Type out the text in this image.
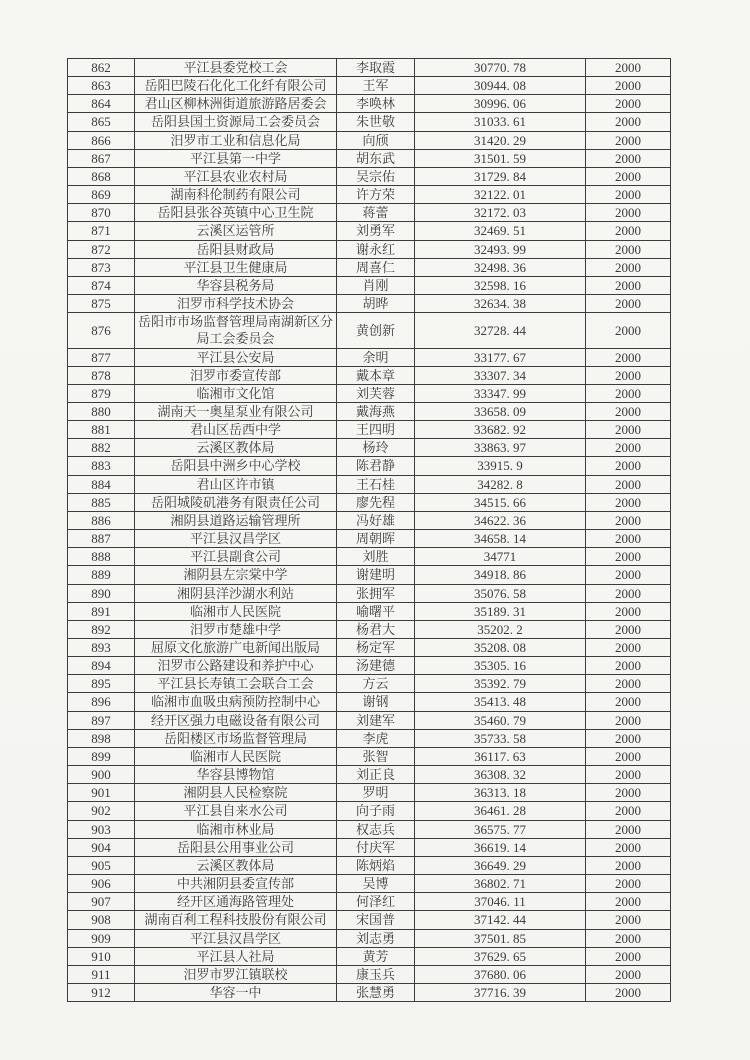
862	平江县委党校工会	李取霞	30770. 78	2000
863	岳阳巴陵石化化工化纤有限公司	王军	30944. 08	2000
864	君山区柳林洲街道旅游路居委会	李唤林	30996. 06	2000
865	岳阳县国土资源局工会委员会	朱世敬	31033. 61	2000
866	汨罗市工业和信息化局	向颀	31420. 29	2000
867	平江县第一中学	胡东武	31501. 59	2000
868	平江县农业农村局	吴宗佑	31729. 84	2000
869	湖南科伦制药有限公司	许方荣	32122. 01	2000
870	岳阳县张谷英镇中心卫生院	蒋蕾	32172. 03	2000
871	云溪区运管所	刘勇军	32469. 51	2000
872	岳阳县财政局	谢永红	32493. 99	2000
873	平江县卫生健康局	周喜仁	32498. 36	2000
874	华容县税务局	肖刚	32598. 16	2000
875	汨罗市科学技术协会	胡晔	32634. 38	2000
876	岳阳市市场监督管理局南湖新区分局工会委员会	黄创新	32728. 44	2000
877	平江县公安局	余明	33177. 67	2000
878	汨罗市委宣传部	戴本章	33307. 34	2000
879	临湘市文化馆	刘芙蓉	33347. 99	2000
880	湖南天一奥星泵业有限公司	戴海燕	33658. 09	2000
881	君山区岳西中学	王四明	33682. 92	2000
882	云溪区教体局	杨玲	33863. 97	2000
883	岳阳县中洲乡中心学校	陈君静	33915. 9	2000
884	君山区许市镇	王石桂	34282. 8	2000
885	岳阳城陵矶港务有限责任公司	廖先程	34515. 66	2000
886	湘阴县道路运输管理所	冯好雄	34622. 36	2000
887	平江县汉昌学区	周朝晖	34658. 14	2000
888	平江县副食公司	刘胜	34771	2000
889	湘阴县左宗棠中学	谢建明	34918. 86	2000
890	湘阴县洋沙湖水利站	张拥军	35076. 58	2000
891	临湘市人民医院	喻曙平	35189. 31	2000
892	汨罗市楚雄中学	杨君大	35202. 2	2000
893	屈原文化旅游广电新闻出版局	杨定军	35208. 08	2000
894	汨罗市公路建设和养护中心	汤建德	35305. 16	2000
895	平江县长寿镇工会联合工会	方云	35392. 79	2000
896	临湘市血吸虫病预防控制中心	谢钢	35413. 48	2000
897	经开区强力电磁设备有限公司	刘建军	35460. 79	2000
898	岳阳楼区市场监督管理局	李虎	35733. 58	2000
899	临湘市人民医院	张智	36117. 63	2000
900	华容县博物馆	刘正良	36308. 32	2000
901	湘阴县人民检察院	罗明	36313. 18	2000
902	平江县自来水公司	向子雨	36461. 28	2000
903	临湘市林业局	权志兵	36575. 77	2000
904	岳阳县公用事业公司	付庆军	36619. 14	2000
905	云溪区教体局	陈炳焰	36649. 29	2000
906	中共湘阴县委宣传部	吴博	36802. 71	2000
907	经开区通海路管理处	何泽红	37046. 11	2000
908	湖南百利工程科技股份有限公司	宋国普	37142. 44	2000
909	平江县汉昌学区	刘志勇	37501. 85	2000
910	平江县人社局	黄芳	37629. 65	2000
911	汨罗市罗江镇联校	康玉兵	37680. 06	2000
912	华容一中	张慧勇	37716. 39	2000
